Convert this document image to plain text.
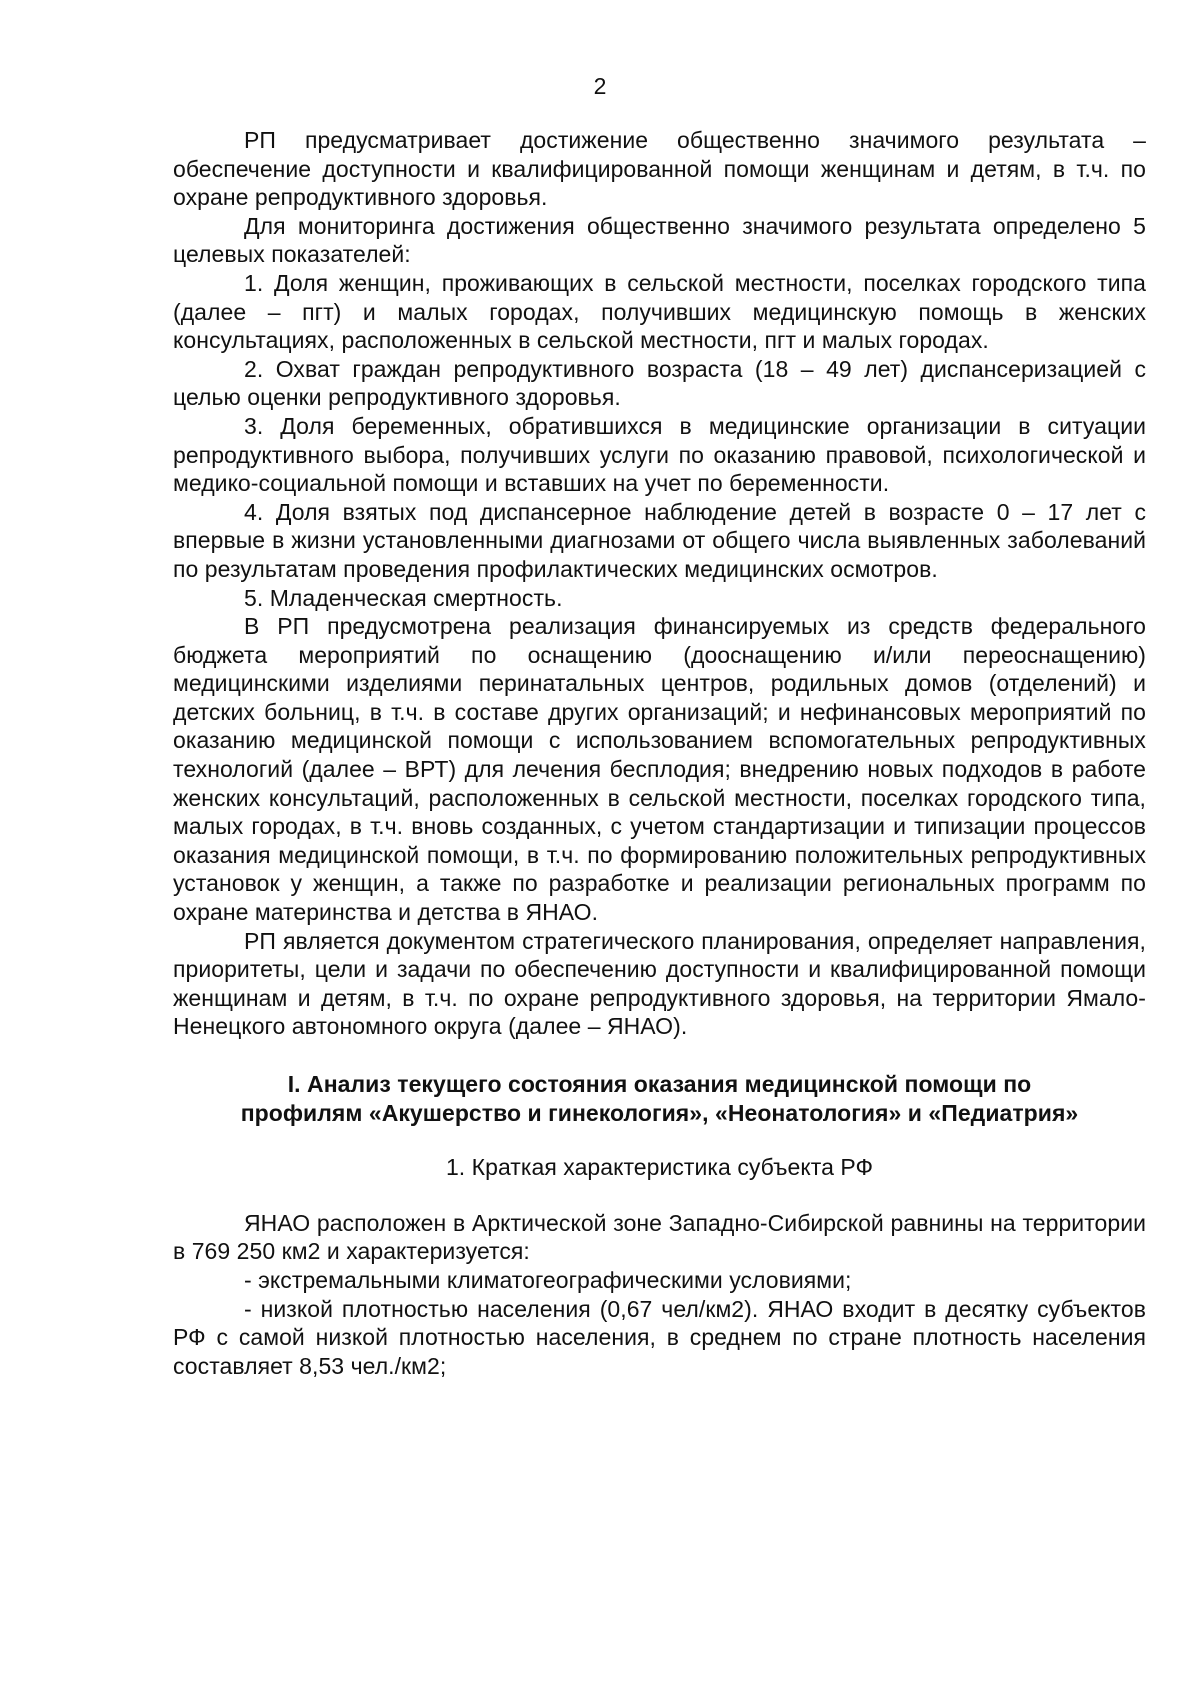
2

РП предусматривает достижение общественно значимого результата – обеспечение доступности и квалифицированной помощи женщинам и детям, в т.ч. по охране репродуктивного здоровья.

Для мониторинга достижения общественно значимого результата определено 5 целевых показателей:

1. Доля женщин, проживающих в сельской местности, поселках городского типа (далее – пгт) и малых городах, получивших медицинскую помощь в женских консультациях, расположенных в сельской местности, пгт и малых городах.

2. Охват граждан репродуктивного возраста (18 – 49 лет) диспансеризацией с целью оценки репродуктивного здоровья.

3. Доля беременных, обратившихся в медицинские организации в ситуации репродуктивного выбора, получивших услуги по оказанию правовой, психологической и медико-социальной помощи и вставших на учет по беременности.

4. Доля взятых под диспансерное наблюдение детей в возрасте 0 – 17 лет с впервые в жизни установленными диагнозами от общего числа выявленных заболеваний по результатам проведения профилактических медицинских осмотров.

5. Младенческая смертность.

В РП предусмотрена реализация финансируемых из средств федерального бюджета мероприятий по оснащению (дооснащению и/или переоснащению) медицинскими изделиями перинатальных центров, родильных домов (отделений) и детских больниц, в т.ч. в составе других организаций; и нефинансовых мероприятий по оказанию медицинской помощи с использованием вспомогательных репродуктивных технологий (далее – ВРТ) для лечения бесплодия; внедрению новых подходов в работе женских консультаций, расположенных в сельской местности, поселках городского типа, малых городах, в т.ч. вновь созданных, с учетом стандартизации и типизации процессов оказания медицинской помощи, в т.ч. по формированию положительных репродуктивных установок у женщин, а также по разработке и реализации региональных программ по охране материнства и детства в ЯНАО.

РП является документом стратегического планирования, определяет направления, приоритеты, цели и задачи по обеспечению доступности и квалифицированной помощи женщинам и детям, в т.ч. по охране репродуктивного здоровья, на территории Ямало-Ненецкого автономного округа (далее – ЯНАО).

I. Анализ текущего состояния оказания медицинской помощи по
профилям «Акушерство и гинекология», «Неонатология» и «Педиатрия»
1. Краткая характеристика субъекта РФ

ЯНАО расположен в Арктической зоне Западно-Сибирской равнины на территории в 769 250 км2 и характеризуется:

- экстремальными климатогеографическими условиями;

- низкой плотностью населения (0,67 чел/км2). ЯНАО входит в десятку субъектов РФ с самой низкой плотностью населения, в среднем по стране плотность населения составляет 8,53 чел./км2;
